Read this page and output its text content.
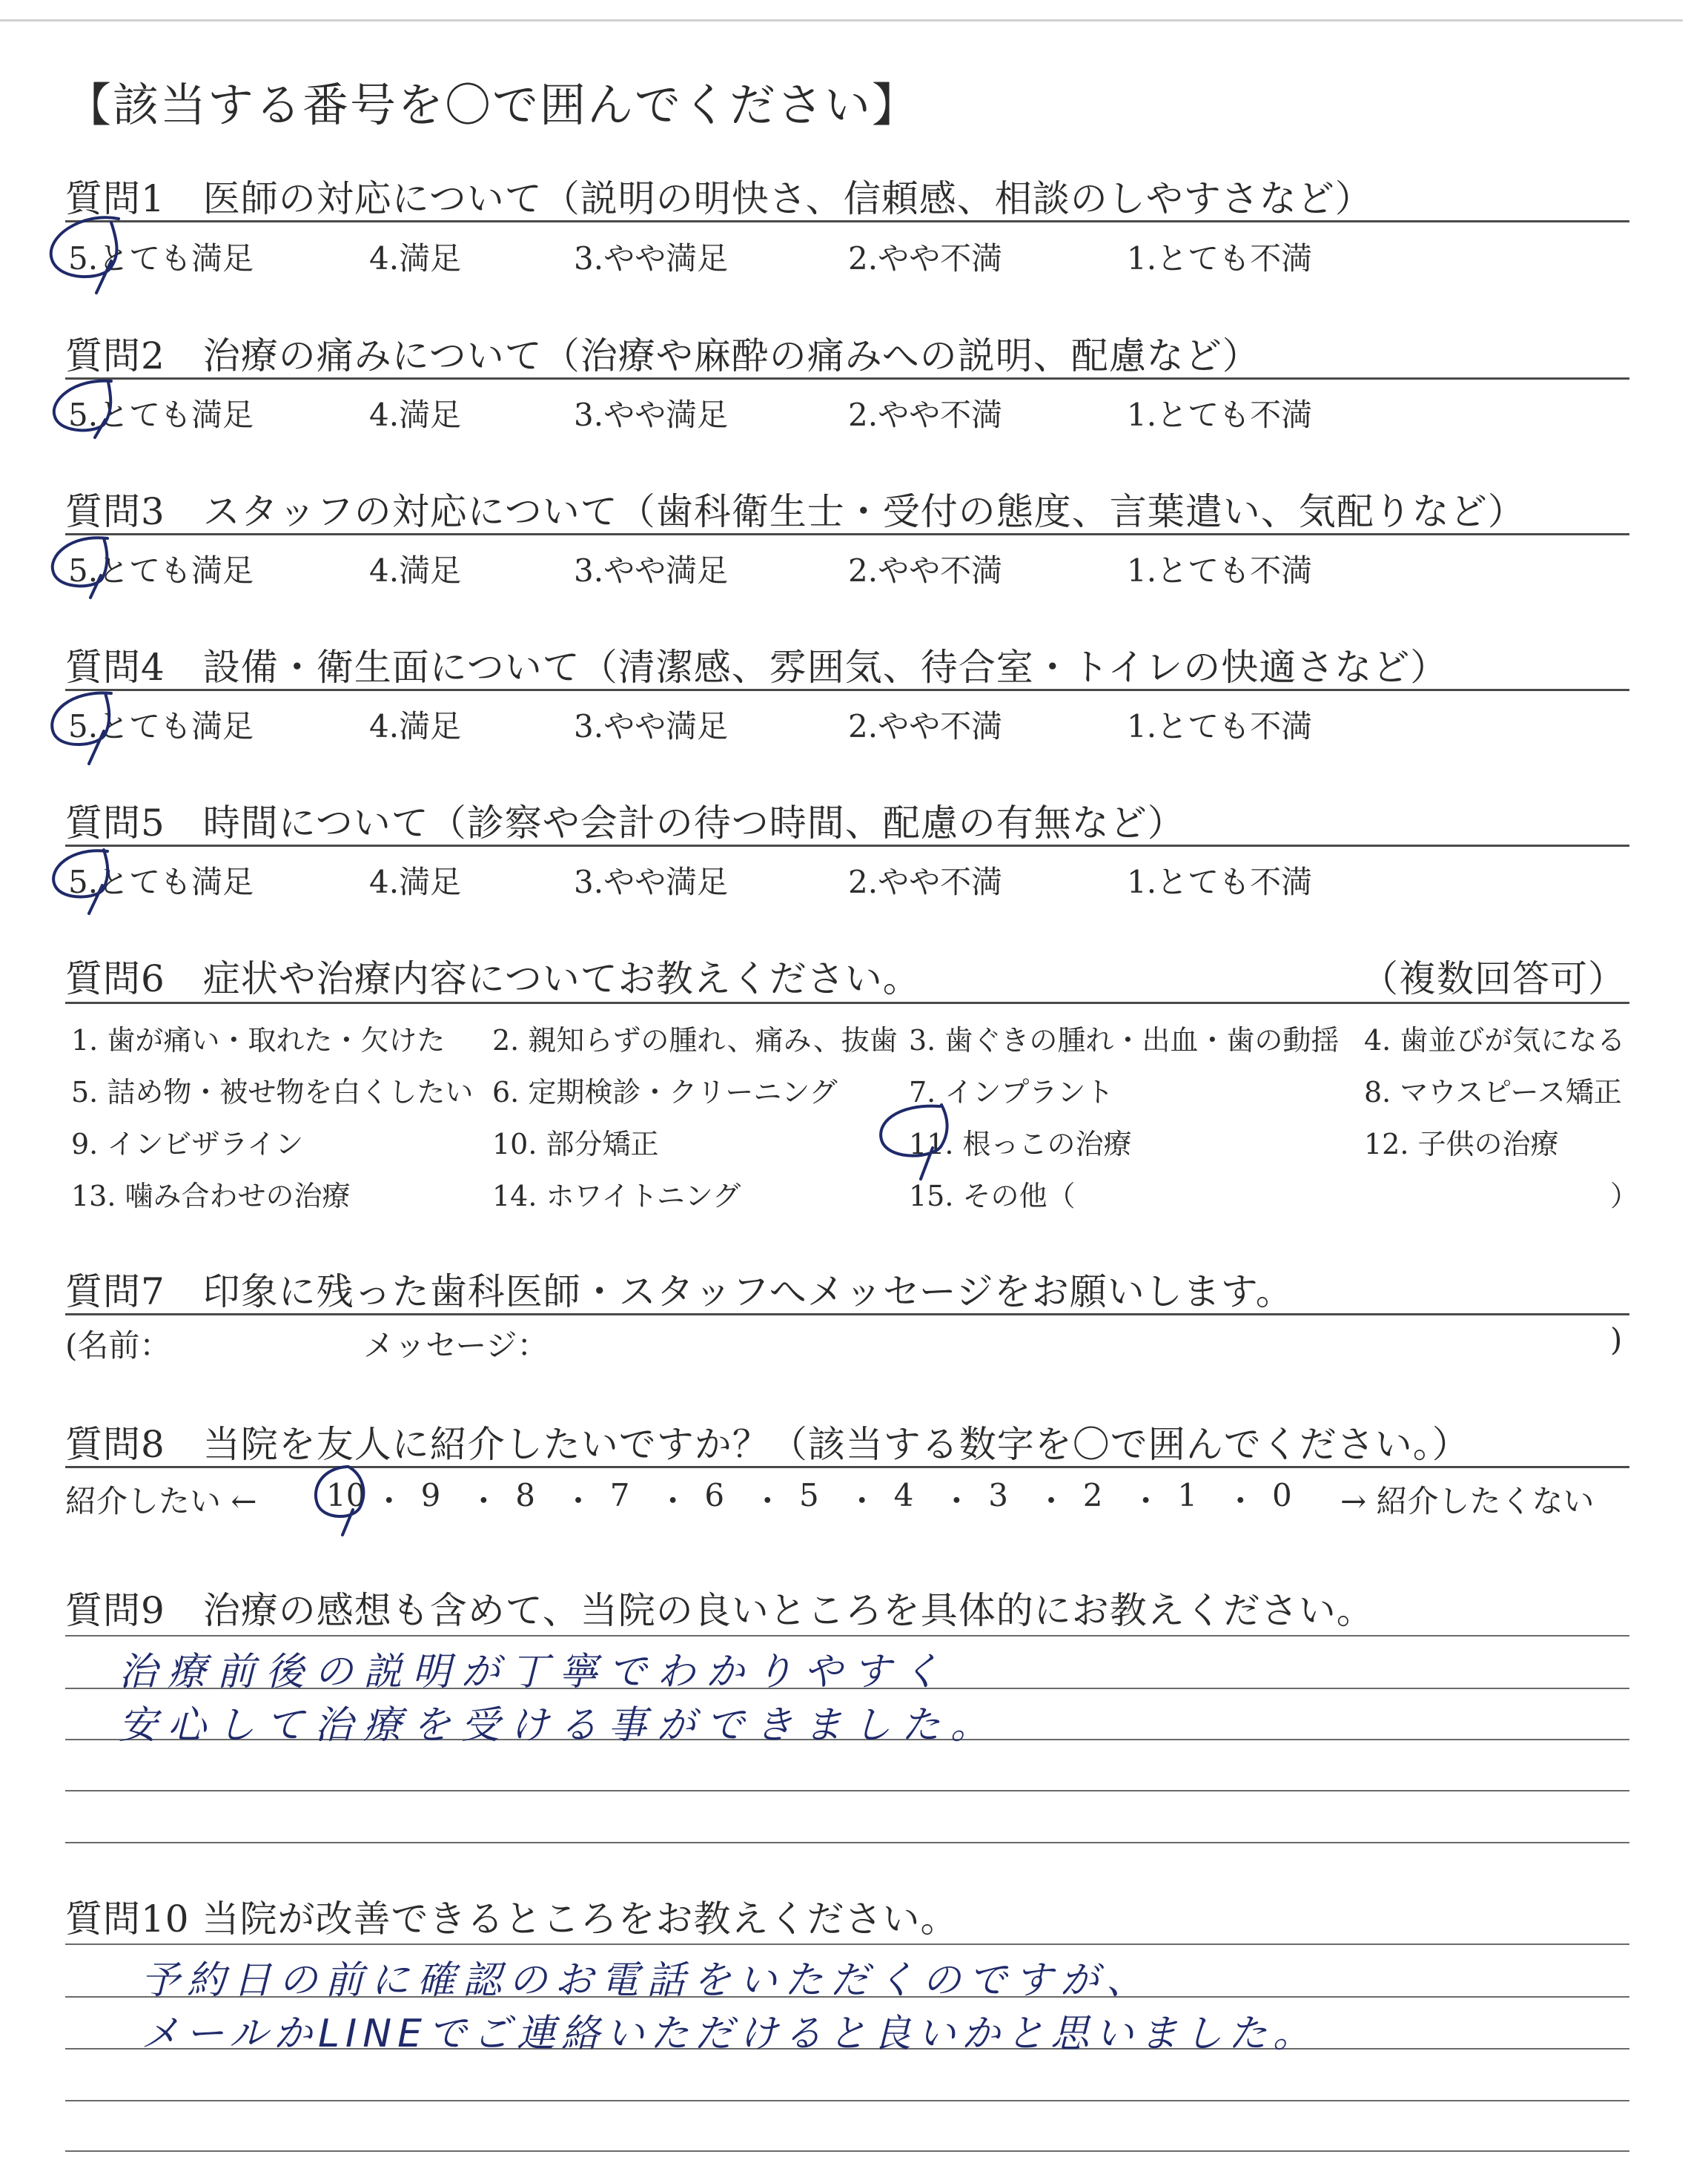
【該当する番号を〇で囲んでください】
質問1　医師の対応について（説明の明快さ、信頼感、相談のしやすさなど）
5.とても満足	4.満足	3.やや満足	2.やや不満	1.とても不満
質問2　治療の痛みについて（治療や麻酔の痛みへの説明、配慮など）
5.とても満足	4.満足	3.やや満足	2.やや不満	1.とても不満
質問3　スタッフの対応について（歯科衛生士・受付の態度、言葉遣い、気配りなど）
5.とても満足	4.満足	3.やや満足	2.やや不満	1.とても不満
質問4　設備・衛生面について（清潔感、雰囲気、待合室・トイレの快適さなど）
5.とても満足	4.満足	3.やや満足	2.やや不満	1.とても不満
質問5　時間について（診察や会計の待つ時間、配慮の有無など）
5.とても満足	4.満足	3.やや満足	2.やや不満	1.とても不満
質問6　症状や治療内容についてお教えください。	（複数回答可）
1. 歯が痛い・取れた・欠けた 2. 親知らずの腫れ、痛み、抜歯 3. 歯ぐきの腫れ・出血・歯の動揺 4. 歯並びが気になる
5. 詰め物・被せ物を白くしたい 6. 定期検診・クリーニング	7. インプラント	8. マウスピース矯正
9. インビザライン	10. 部分矯正	11. 根っこの治療	12. 子供の治療
13. 噛み合わせの治療	14. ホワイトニング	15. その他（	）
質問7　印象に残った歯科医師・スタッフへメッセージをお願いします。
(名前：	メッセージ：	)
質問8　当院を友人に紹介したいですか？（該当する数字を〇で囲んでください。）
紹介したい ← 10 ・ 9 ・ 8 ・ 7 ・ 6 ・ 5 ・ 4 ・ 3 ・ 2 ・ 1 ・ 0 → 紹介したくない
質問9　治療の感想も含めて、当院の良いところを具体的にお教えください。
治療前後の説明が丁寧でわかりやすく
安心して治療を受ける事ができました。
質問10 当院が改善できるところをお教えください。
予約日の前に確認のお電話をいただくのですが、
メールかLINEでご連絡いただけると良いかと思いました。
